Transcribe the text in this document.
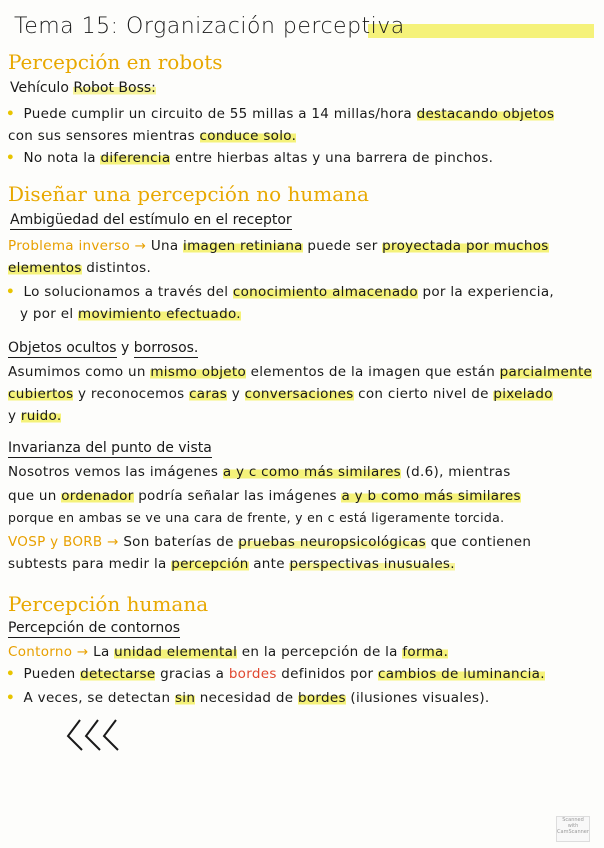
Tema 15: Organización perceptiva
Percepción en robots
Vehículo Robot Boss:
• Puede cumplir un circuito de 55 millas a 14 millas/hora destacando objetos
con sus sensores mientras conduce solo.
• No nota la diferencia entre hierbas altas y una barrera de pinchos.
Diseñar una percepción no humana
Ambigüedad del estímulo en el receptor
Problema inverso → Una imagen retiniana puede ser proyectada por muchos
elementos distintos.
• Lo solucionamos a través del conocimiento almacenado por la experiencia,
y por el movimiento efectuado.
Objetos ocultos y borrosos.
Asumimos como un mismo objeto elementos de la imagen que están parcialmente
cubiertos y reconocemos caras y conversaciones con cierto nivel de pixelado
y ruido.
Invarianza del punto de vista
Nosotros vemos las imágenes a y c como más similares (d.6), mientras
que un ordenador podría señalar las imágenes a y b como más similares
porque en ambas se ve una cara de frente, y en c está ligeramente torcida.
VOSP y BORB → Son baterías de pruebas neuropsicológicas que contienen
subtests para medir la percepción ante perspectivas inusuales.
Percepción humana
Percepción de contornos
Contorno → La unidad elemental en la percepción de la forma.
• Pueden detectarse gracias a bordes definidos por cambios de luminancia.
• A veces, se detectan sin necesidad de bordes (ilusiones visuales).
Scanned with CamScanner
